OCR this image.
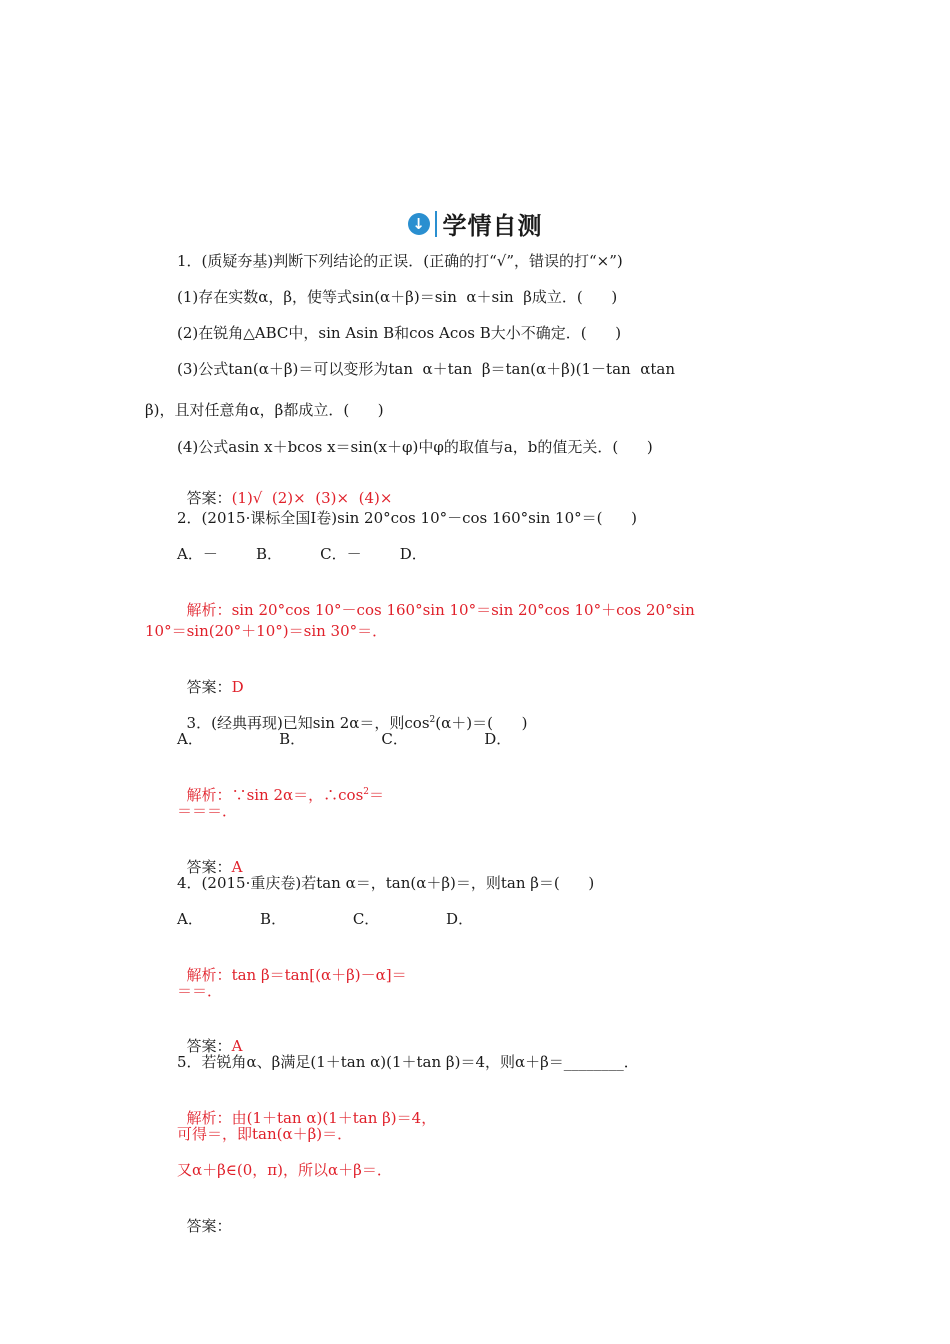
↓ 学情自测
1．(质疑夯基)判断下列结论的正误．(正确的打“√”，错误的打“×”)
(1)存在实数α，β，使等式sin(α＋β)＝sin  α＋sin  β成立．(      )
(2)在锐角△ABC中，sin Asin B和cos Acos B大小不确定．(      )
(3)公式tan(α＋β)＝可以变形为tan  α＋tan  β＝tan(α＋β)(1－tan  αtan
β)，且对任意角α，β都成立．(      )
(4)公式asin x＋bcos x＝sin(x＋φ)中φ的取值与a，b的值无关．(      )

答案：(1)√  (2)×  (3)×  (4)×

2．(2015·课标全国Ⅰ卷)sin 20°cos 10°－cos 160°sin 10°＝(      )
A．－        B．        C．－        D．

解析：sin 20°cos 10°－cos 160°sin 10°＝sin 20°cos 10°＋cos 20°sin

10°＝sin(20°＋10°)＝sin 30°＝．

答案：D

3．(经典再现)已知sin 2α＝，则$\cos^2(\alpha+)=$(      )

A．                B．                C．                D．

解析：∵sin 2α＝，$\therefore\cos^2=$

＝＝＝．

答案：A

4．(2015·重庆卷)若tan α＝，tan(α＋β)＝，则tan β＝(      )
A．            B．              C．              D．

解析：tan β＝tan[(α＋β)－α]＝

＝＝．

答案：A

5．若锐角α、β满足(1＋tan α)(1＋tan β)＝4，则α＋β＝________．

解析：由(1＋tan α)(1＋tan β)＝4，

可得＝，即tan(α＋β)＝．
又α＋β∈(0，π)，所以α＋β＝．

答案：
